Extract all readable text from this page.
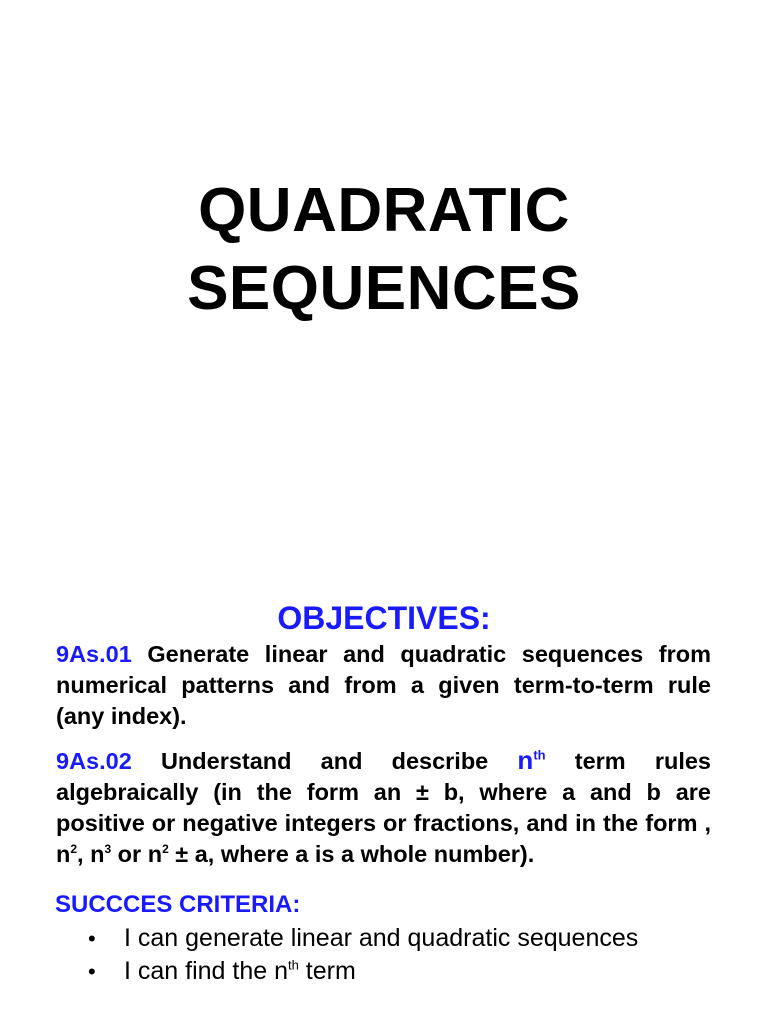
QUADRATIC
SEQUENCES
OBJECTIVES:

9As.01 Generate linear and quadratic sequences from numerical patterns and from a given term-to-term rule (any index).

9As.02 Understand and describe $n^{th}$ term rules algebraically (in the form an ± b, where a and b are positive or negative integers or fractions, and in the form , $n^2$, $n^3$ or $n^2 \pm a$, where a is a whole number).

SUCCCES CRITERIA:
• I can generate linear and quadratic sequences
• I can find the $n^{th}$ term
